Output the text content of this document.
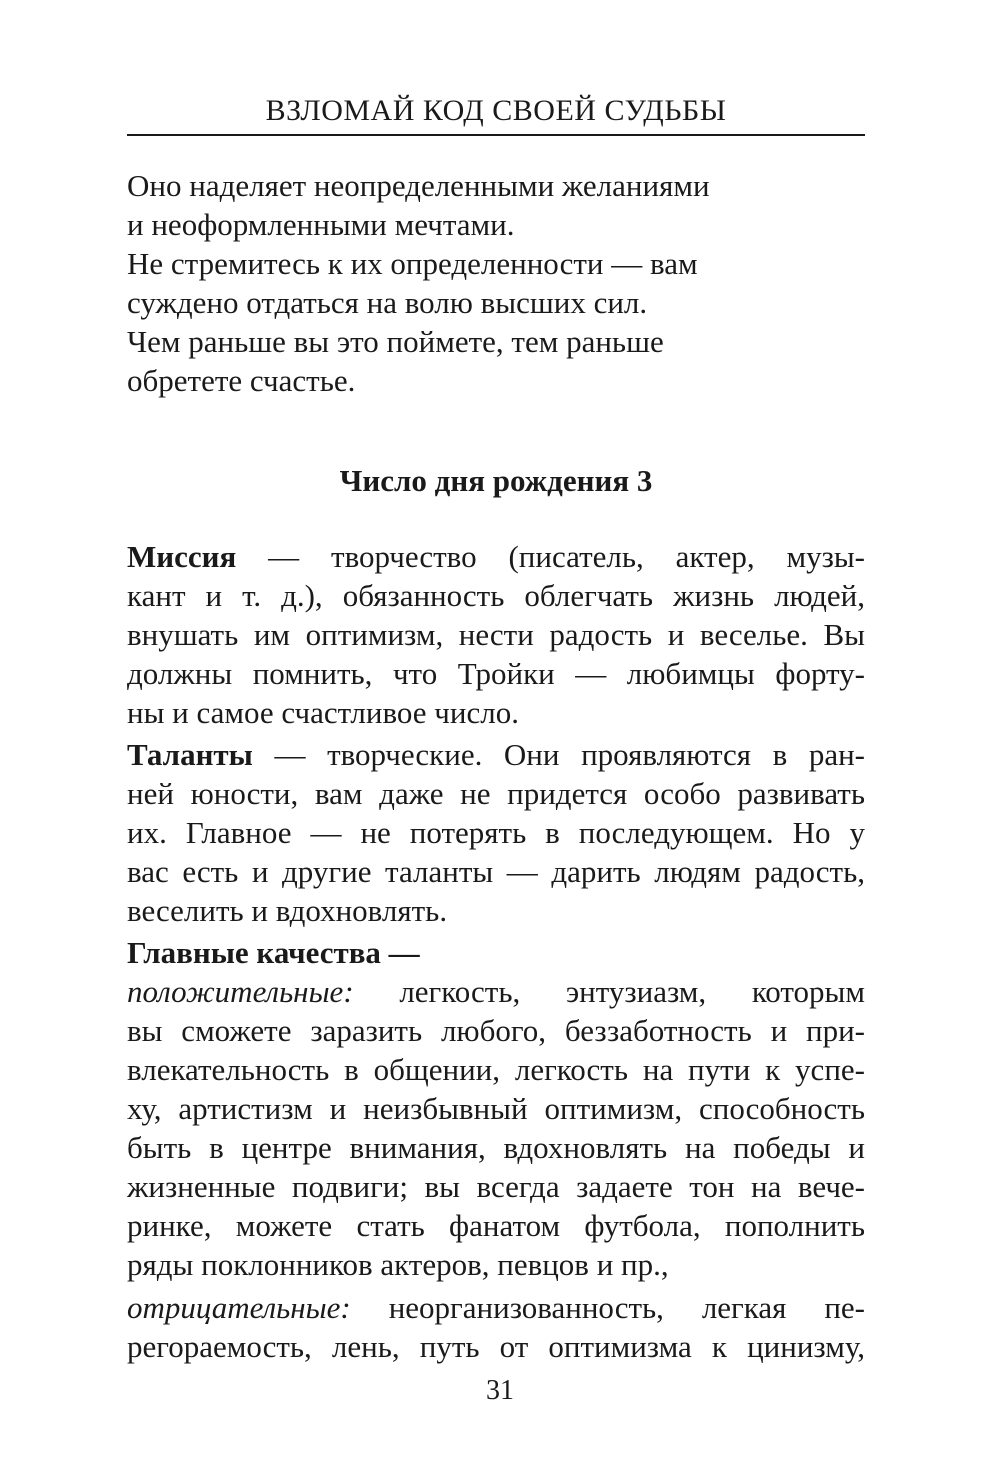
ВЗЛОМАЙ КОД СВОЕЙ СУДЬБЫ
Оно наделяет неопределенными желаниями
и неоформленными мечтами.
Не стремитесь к их определенности — вам
суждено отдаться на волю высших сил.
Чем раньше вы это поймете, тем раньше
обретете счастье.
Число дня рождения 3
Миссия — творчество (писатель, актер, музы-
кант и т. д.), обязанность облегчать жизнь людей,
внушать им оптимизм, нести радость и веселье. Вы
должны помнить, что Тройки — любимцы форту-
ны и самое счастливое число.
Таланты — творческие. Они проявляются в ран-
ней юности, вам даже не придется особо развивать
их. Главное — не потерять в последующем. Но у
вас есть и другие таланты — дарить людям радость,
веселить и вдохновлять.
Главные качества —
положительные: легкость, энтузиазм, которым
вы сможете заразить любого, беззаботность и при-
влекательность в общении, легкость на пути к успе-
ху, артистизм и неизбывный оптимизм, способность
быть в центре внимания, вдохновлять на победы и
жизненные подвиги; вы всегда задаете тон на вече-
ринке, можете стать фанатом футбола, пополнить
ряды поклонников актеров, певцов и пр.,
отрицательные: неорганизованность, легкая пе-
регораемость, лень, путь от оптимизма к цинизму,
31
